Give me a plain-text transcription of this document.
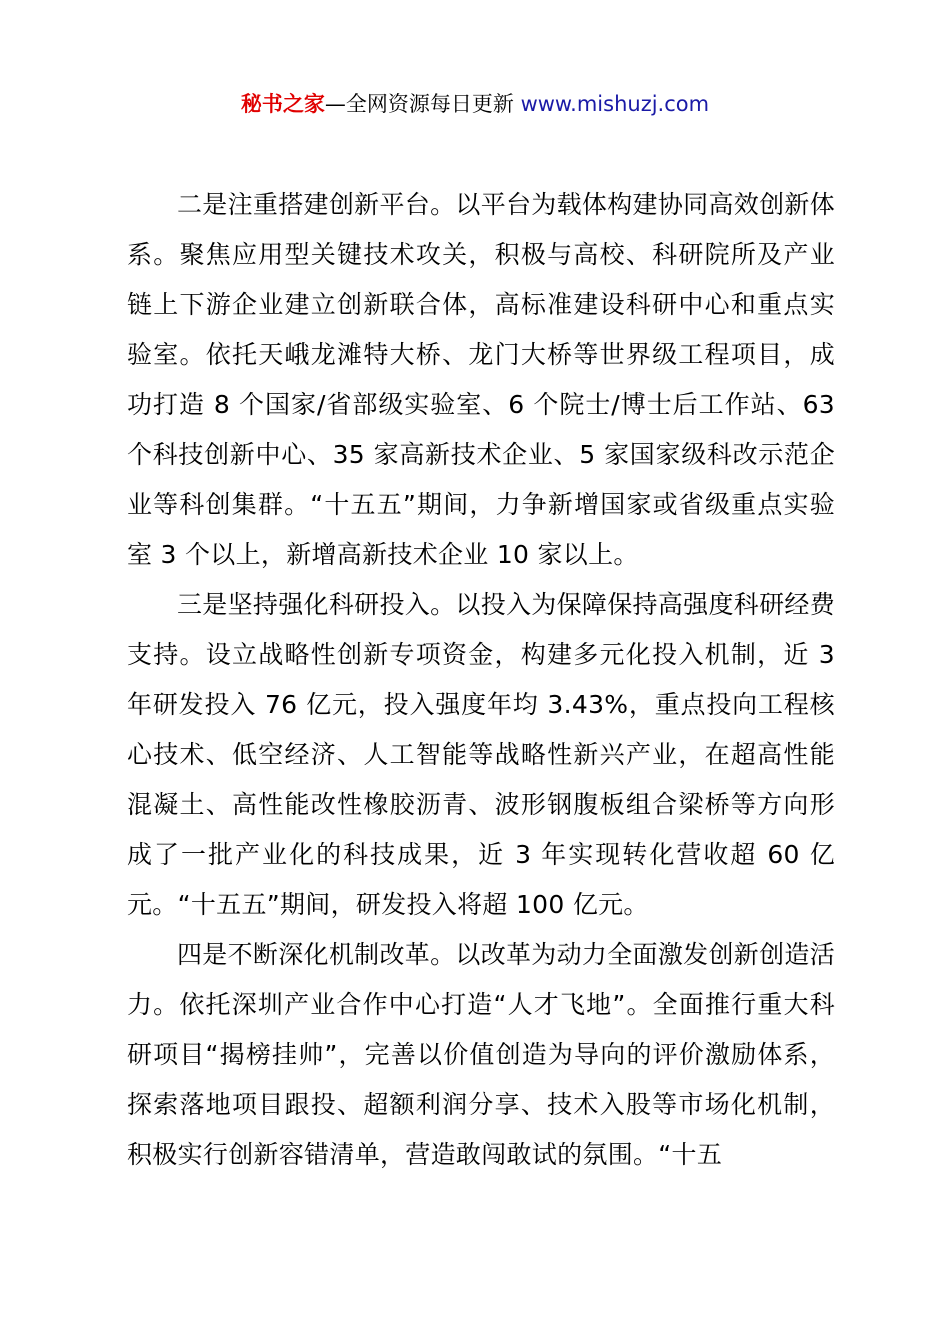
秘书之家—全网资源每日更新 www.mishuzj.com

二是注重搭建创新平台。以平台为载体构建协同高效创新体系。聚焦应用型关键技术攻关，积极与高校、科研院所及产业链上下游企业建立创新联合体，高标准建设科研中心和重点实验室。依托天峨龙滩特大桥、龙门大桥等世界级工程项目，成功打造 8 个国家/省部级实验室、6 个院士/博士后工作站、63 个科技创新中心、35 家高新技术企业、5 家国家级科改示范企业等科创集群。“十五五”期间，力争新增国家或省级重点实验室 3 个以上，新增高新技术企业 10 家以上。

三是坚持强化科研投入。以投入为保障保持高强度科研经费支持。设立战略性创新专项资金，构建多元化投入机制，近 3 年研发投入 76 亿元，投入强度年均 3.43%，重点投向工程核心技术、低空经济、人工智能等战略性新兴产业，在超高性能混凝土、高性能改性橡胶沥青、波形钢腹板组合梁桥等方向形成了一批产业化的科技成果，近 3 年实现转化营收超 60 亿元。“十五五”期间，研发投入将超 100 亿元。

四是不断深化机制改革。以改革为动力全面激发创新创造活力。依托深圳产业合作中心打造“人才飞地”。全面推行重大科研项目“揭榜挂帅”，完善以价值创造为导向的评价激励体系，探索落地项目跟投、超额利润分享、技术入股等市场化机制，积极实行创新容错清单，营造敢闯敢试的氛围。“十五
